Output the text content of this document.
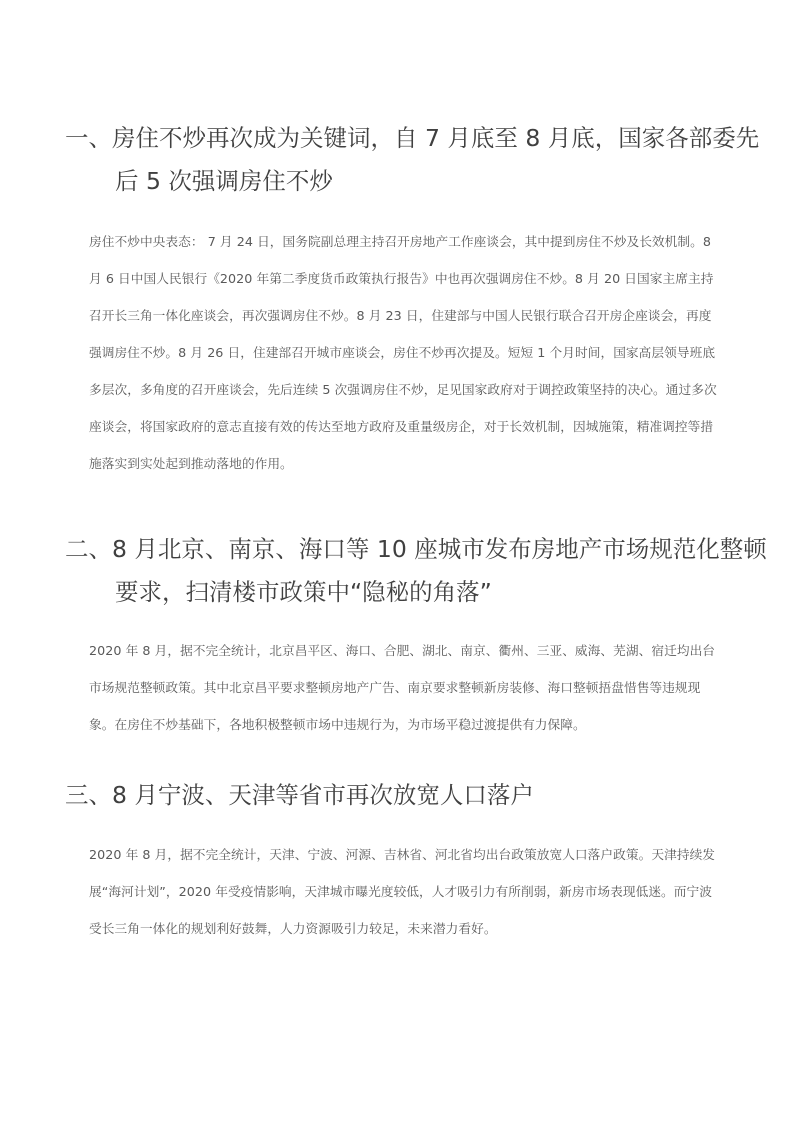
一、房住不炒再次成为关键词，自 7 月底至 8 月底，国家各部委先后 5 次强调房住不炒

房住不炒中央表态： 7 月 24 日，国务院副总理主持召开房地产工作座谈会，其中提到房住不炒及长效机制。8 月 6 日中国人民银行《2020 年第二季度货币政策执行报告》中也再次强调房住不炒。8 月 20 日国家主席主持召开长三角一体化座谈会，再次强调房住不炒。8 月 23 日，住建部与中国人民银行联合召开房企座谈会，再度强调房住不炒。8 月 26 日，住建部召开城市座谈会，房住不炒再次提及。短短 1 个月时间，国家高层领导班底多层次，多角度的召开座谈会，先后连续 5 次强调房住不炒，足见国家政府对于调控政策坚持的决心。通过多次座谈会，将国家政府的意志直接有效的传达至地方政府及重量级房企，对于长效机制，因城施策，精准调控等措施落实到实处起到推动落地的作用。

二、8 月北京、南京、海口等 10 座城市发布房地产市场规范化整顿要求，扫清楼市政策中“隐秘的角落”

2020 年 8 月，据不完全统计，北京昌平区、海口、合肥、湖北、南京、衢州、三亚、威海、芜湖、宿迁均出台市场规范整顿政策。其中北京昌平要求整顿房地产广告、南京要求整顿新房装修、海口整顿捂盘惜售等违规现象。在房住不炒基础下，各地积极整顿市场中违规行为，为市场平稳过渡提供有力保障。

三、8 月宁波、天津等省市再次放宽人口落户

2020 年 8 月，据不完全统计，天津、宁波、河源、吉林省、河北省均出台政策放宽人口落户政策。天津持续发展“海河计划”，2020 年受疫情影响，天津城市曝光度较低，人才吸引力有所削弱，新房市场表现低迷。而宁波受长三角一体化的规划利好鼓舞，人力资源吸引力较足，未来潜力看好。
